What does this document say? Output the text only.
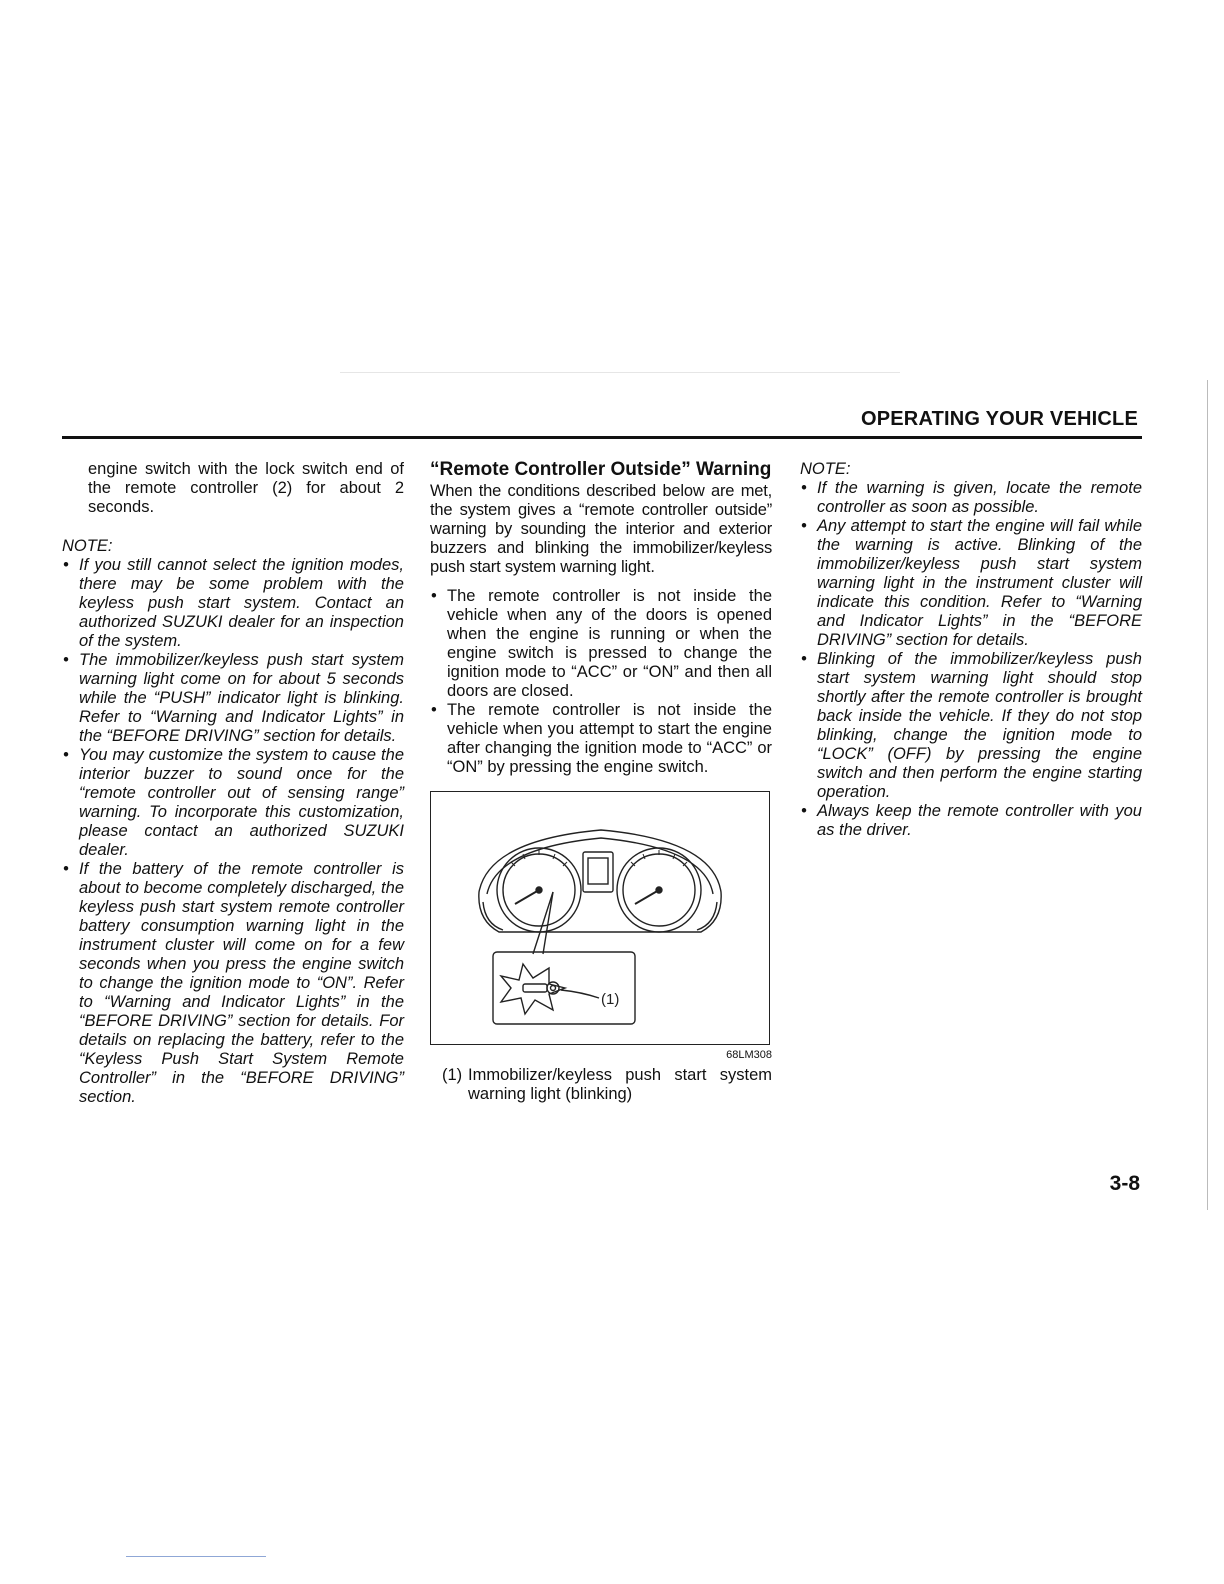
OPERATING YOUR VEHICLE

engine switch with the lock switch end of the remote controller (2) for about 2 seconds.

NOTE:

• If you still cannot select the ignition modes, there may be some problem with the keyless push start system. Contact an authorized SUZUKI dealer for an inspection of the system.
• The immobilizer/keyless push start system warning light come on for about 5 seconds while the “PUSH” indicator light is blinking. Refer to “Warning and Indicator Lights” in the “BEFORE DRIVING” section for details.
• You may customize the system to cause the interior buzzer to sound once for the “remote controller out of sensing range” warning. To incorporate this customization, please contact an authorized SUZUKI dealer.
• If the battery of the remote controller is about to become completely discharged, the keyless push start system remote controller battery consumption warning light in the instrument cluster will come on for a few seconds when you press the engine switch to change the ignition mode to “ON”. Refer to “Warning and Indicator Lights” in the “BEFORE DRIVING” section for details. For details on replacing the battery, refer to the “Keyless Push Start System Remote Controller” in the “BEFORE DRIVING” section.
“Remote Controller Outside” Warning

When the conditions described below are met, the system gives a “remote controller outside” warning by sounding the interior and exterior buzzers and blinking the immobilizer/keyless push start system warning light.

• The remote controller is not inside the vehicle when any of the doors is opened when the engine is running or when the engine switch is pressed to change the ignition mode to “ACC” or “ON” and then all doors are closed.
• The remote controller is not inside the vehicle when you attempt to start the engine after changing the ignition mode to “ACC” or “ON” by pressing the engine switch.
(1)
68LM308
(1) Immobilizer/keyless push start system warning light (blinking)

NOTE:

• If the warning is given, locate the remote controller as soon as possible.
• Any attempt to start the engine will fail while the warning is active. Blinking of the immobilizer/keyless push start system warning light in the instrument cluster will indicate this condition. Refer to “Warning and Indicator Lights” in the “BEFORE DRIVING” section for details.
• Blinking of the immobilizer/keyless push start system warning light should stop shortly after the remote controller is brought back inside the vehicle. If they do not stop blinking, change the ignition mode to “LOCK” (OFF) by pressing the engine switch and then perform the engine starting operation.
• Always keep the remote controller with you as the driver.
3-8
